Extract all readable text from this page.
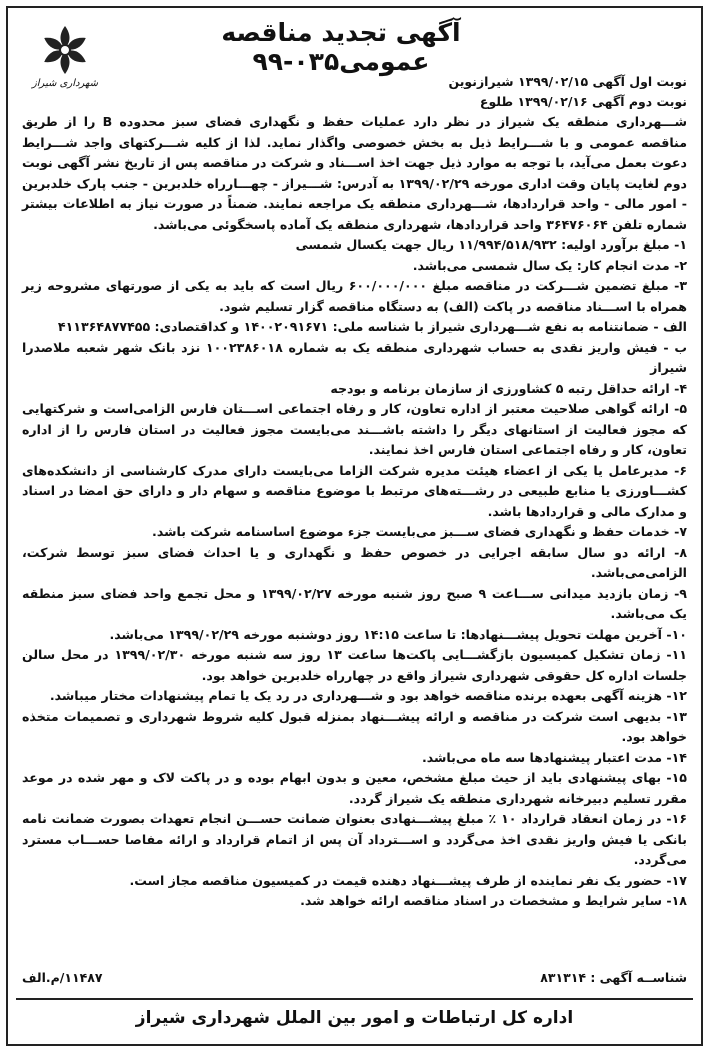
شهرداری شیراز
آگهی تجدید مناقصه عمومی۰۳۵-۹۹
نوبت اول آگهی ۱۳۹۹/۰۲/۱۵ شیرازنوین
نوبت دوم آگهی ۱۳۹۹/۰۲/۱۶ طلوع

شـــهرداری منطقه یک شیراز در نظر دارد عملیات حفظ و نگهداری فضای سبز محدوده B را از طریق مناقصه عمومی و با شـــرایط ذیل به بخش خصوصی واگذار نماید. لذا از کلیه شـــرکتهای واجد شـــرایط دعوت بعمل می‌آید، با توجه به موارد ذیل جهت اخذ اســـناد و شرکت در مناقصه پس از تاریخ نشر آگهی نوبت دوم لغایت پایان وقت اداری مورخه ۱۳۹۹/۰۲/۲۹ به آدرس: شـــیراز - چهـــارراه خلدبرین - جنب پارک خلدبرین - امور مالی - واحد قراردادها، شـــهرداری منطقه یک مراجعه نمایند. ضمناً در صورت نیاز به اطلاعات بیشتر شماره تلفن ۳۶۴۷۶۰۶۴ واحد قراردادها، شهرداری منطقه یک آماده پاسخگوئی می‌باشد.

۱- مبلغ برآورد اولیه: ۱۱/۹۹۴/۵۱۸/۹۳۲ ریال جهت یکسال شمسی

۲- مدت انجام کار: یک سال شمسی می‌باشد.

۳- مبلغ تضمین شـــرکت در مناقصه مبلغ ۶۰۰/۰۰۰/۰۰۰ ریال است که باید به یکی از صورتهای مشروحه زیر همراه با اســـناد مناقصه در پاکت (الف) به دستگاه مناقصه گزار تسلیم شود.

الف - ضمانتنامه به نفع شـــهرداری شیراز با شناسه ملی: ۱۴۰۰۲۰۹۱۶۷۱ و کداقتصادی: ۴۱۱۳۶۴۸۷۷۴۵۵

ب - فیش واریز نقدی به حساب شهرداری منطقه یک به شماره ۱۰۰۲۳۸۶۰۱۸ نزد بانک شهر شعبه ملاصدرا شیراز

۴- ارائه حداقل رتبه ۵ کشاورزی از سازمان برنامه و بودجه

۵- ارائه گواهی صلاحیت معتبر از اداره تعاون، کار و رفاه اجتماعی اســـتان فارس الزامی‌است و شرکتهایی که مجوز فعالیت از استانهای دیگر را داشته باشـــند می‌بایست مجوز فعالیت در استان فارس را از اداره تعاون، کار و رفاه اجتماعی استان فارس اخذ نمایند.

۶- مدیرعامل یا یکی از اعضاء هیئت مدیره شرکت الزاما می‌بایست دارای مدرک کارشناسی از دانشکده‌های کشـــاورزی یا منابع طبیعی در رشـــته‌های مرتبط با موضوع مناقصه و سهام دار و دارای حق امضا در اسناد و مدارک مالی و قراردادها باشد.

۷- خدمات حفظ و نگهداری فضای ســـبز می‌بایست جزء موضوع اساسنامه شرکت باشد.

۸- ارائه دو سال سابقه اجرایی در خصوص حفظ و نگهداری و یا احداث فضای سبز توسط شرکت، الزامی‌می‌باشد.

۹- زمان بازدید میدانی ســـاعت ۹ صبح روز شنبه مورخه ۱۳۹۹/۰۲/۲۷ و محل تجمع واحد فضای سبز منطقه یک می‌باشد.

۱۰- آخرین مهلت تحویل پیشـــنهادها: تا ساعت ۱۴:۱۵ روز دوشنبه مورخه ۱۳۹۹/۰۲/۲۹ می‌باشد.

۱۱- زمان تشکیل کمیسیون بازگشـــایی پاکت‌ها ساعت ۱۳ روز سه شنبه مورخه ۱۳۹۹/۰۲/۳۰ در محل سالن جلسات اداره کل حقوقی شهرداری شیراز واقع در چهارراه خلدبرین خواهد بود.

۱۲- هزینه آگهی بعهده برنده مناقصه خواهد بود و شـــهرداری در رد یک یا تمام پیشنهادات مختار میباشد.

۱۳- بدیهی است شرکت در مناقصه و ارائه پیشـــنهاد بمنزله قبول کلیه شروط شهرداری و تصمیمات متخذه خواهد بود.

۱۴- مدت اعتبار پیشنهادها سه ماه می‌باشد.

۱۵- بهای پیشنهادی باید از حیث مبلغ مشخص، معین و بدون ابهام بوده و در پاکت لاک و مهر شده در موعد مقرر تسلیم دبیرخانه شهرداری منطقه یک شیراز گردد.

۱۶- در زمان انعقاد قرارداد ۱۰ ٪ مبلغ پیشـــنهادی بعنوان ضمانت حســـن انجام تعهدات بصورت ضمانت نامه بانکی یا فیش واریز نقدی اخذ می‌گردد و اســـترداد آن پس از اتمام قرارداد و ارائه مفاصا حســـاب مسترد می‌گردد.

۱۷- حضور یک نفر نماینده از طرف پیشـــنهاد دهنده قیمت در کمیسیون مناقصه مجاز است.

۱۸- سایر شرایط و مشخصات در اسناد مناقصه ارائه خواهد شد.

شناســه آگهی : ۸۳۱۳۱۴
۱۱۴۸۷/م.الف
اداره کل ارتباطات و امور بین الملل شهرداری شیراز
